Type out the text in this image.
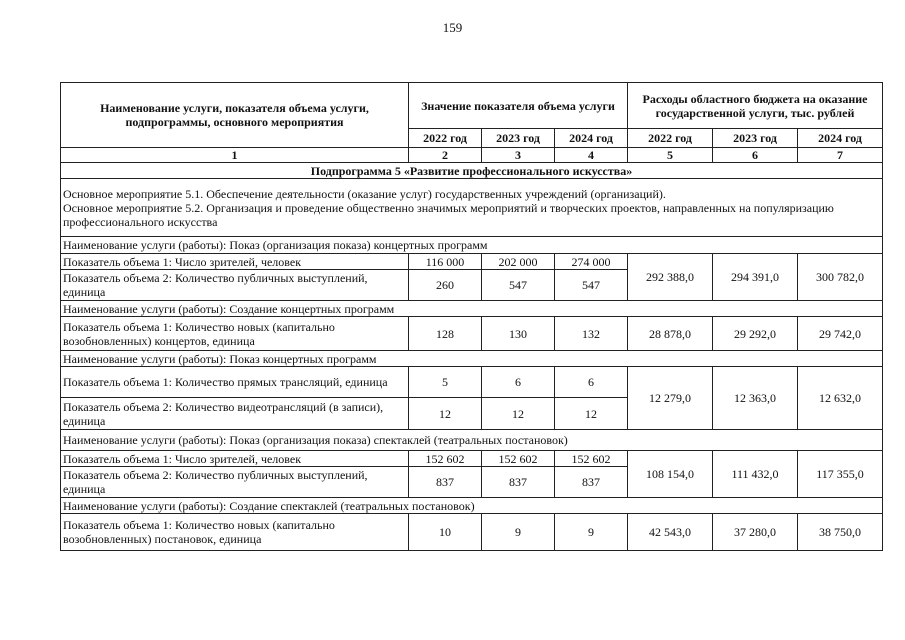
159
Наименование услуги, показателя объема услуги, подпрограммы, основного мероприятия	Значение показателя объема услуги			Расходы областного бюджета на оказание государственной услуги, тыс. рублей		
	2022 год	2023 год	2024 год	2022 год	2023 год	2024 год
1	2	3	4	5	6	7
Подпрограмма 5 «Развитие профессионального искусства»						
Основное мероприятие 5.1. Обеспечение деятельности (оказание услуг) государственных учреждений (организаций).
Основное мероприятие 5.2. Организация и проведение общественно значимых мероприятий и творческих проектов, направленных на популяризацию профессионального искусства						
Наименование услуги (работы): Показ (организация показа) концертных программ						
Показатель объема 1: Число зрителей, человек	116 000	202 000	274 000	292 388,0	294 391,0	300 782,0
Показатель объема 2: Количество публичных выступлений, единица	260	547	547			
Наименование услуги (работы): Создание концертных программ						
Показатель объема 1: Количество новых (капитально возобновленных) концертов, единица	128	130	132	28 878,0	29 292,0	29 742,0
Наименование услуги (работы): Показ концертных программ						
Показатель объема 1: Количество прямых трансляций, единица	5	6	6	12 279,0	12 363,0	12 632,0
Показатель объема 2: Количество видеотрансляций (в записи), единица	12	12	12			
Наименование услуги (работы): Показ (организация показа) спектаклей (театральных постановок)						
Показатель объема 1: Число зрителей, человек	152 602	152 602	152 602	108 154,0	111 432,0	117 355,0
Показатель объема 2: Количество публичных выступлений, единица	837	837	837			
Наименование услуги (работы): Создание спектаклей (театральных постановок)						
Показатель объема 1: Количество новых (капитально возобновленных) постановок, единица	10	9	9	42 543,0	37 280,0	38 750,0
